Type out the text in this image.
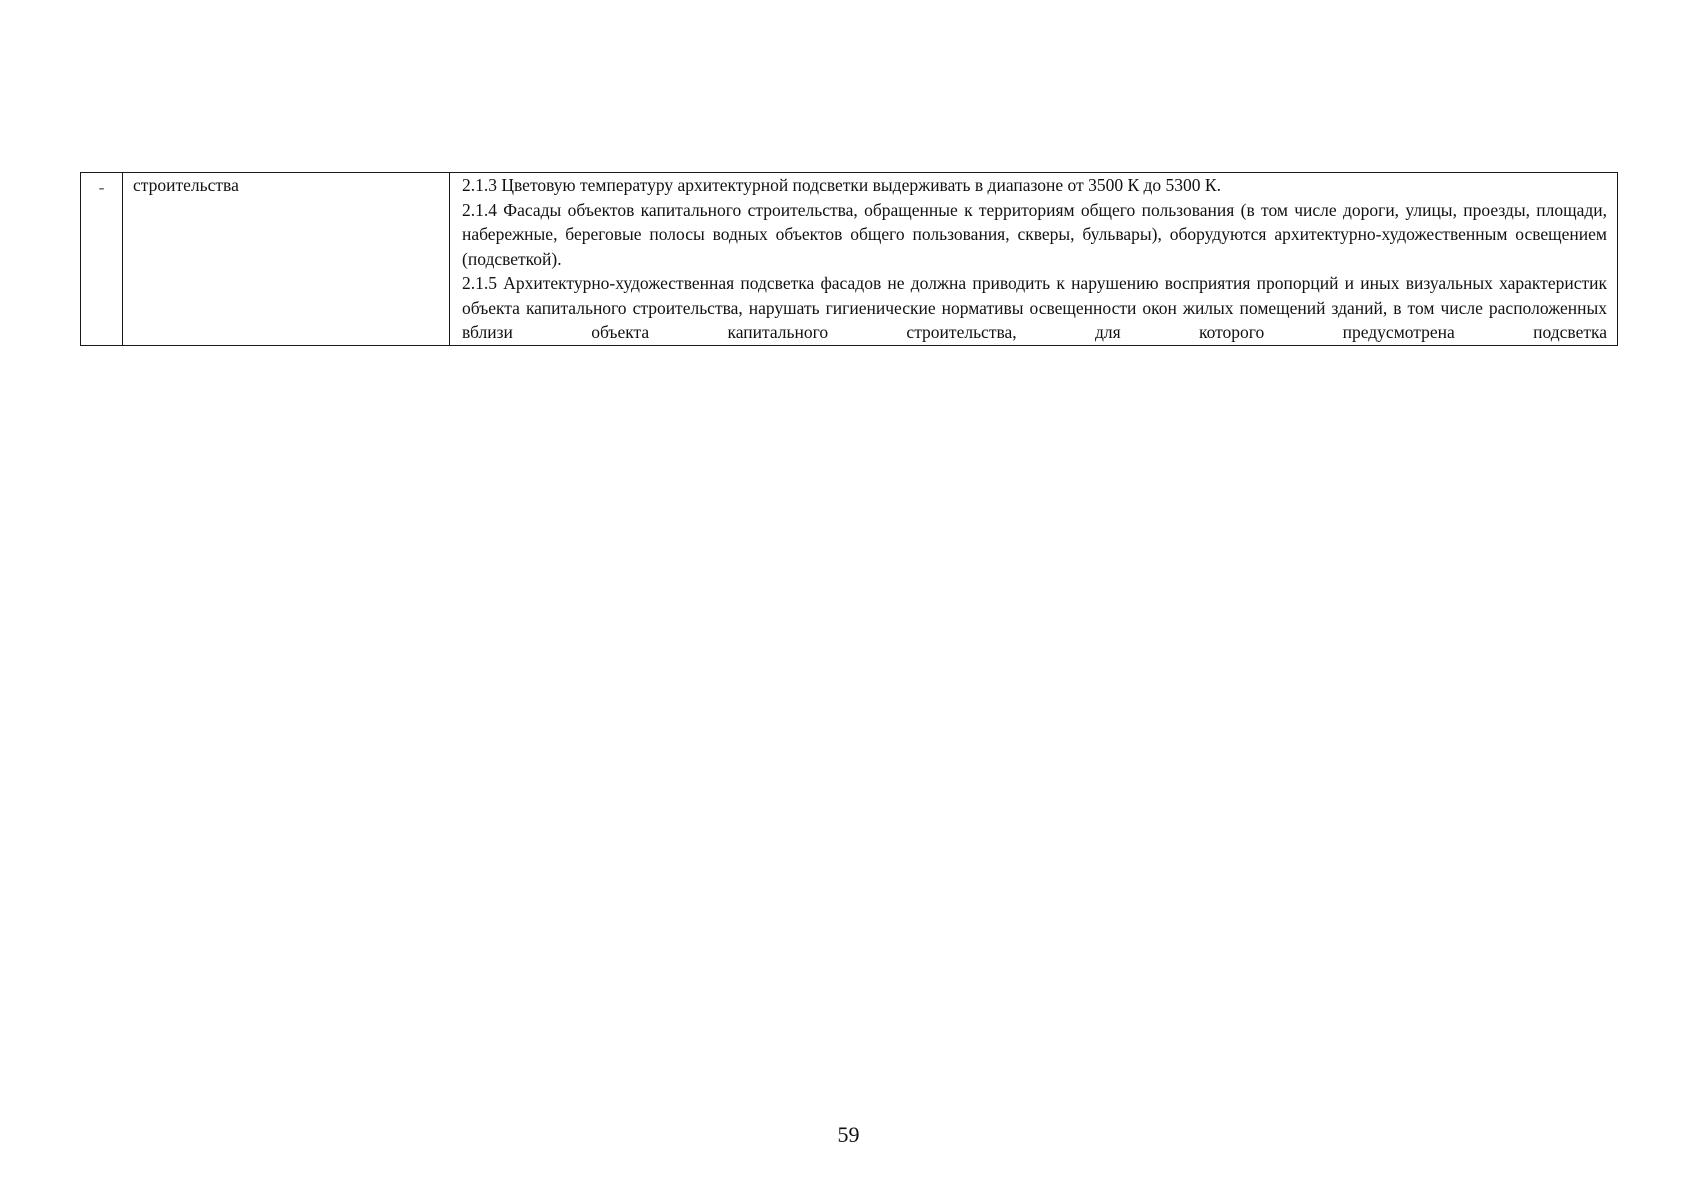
-	строительства	2.1.3 Цветовую температуру архитектурной подсветки выдерживать в диапазоне от 3500 К до 5300 К.

2.1.4 Фасады объектов капитального строительства, обращенные к территориям общего пользования (в том числе дороги, улицы, проезды, площади, набережные, береговые полосы водных объектов общего пользования, скверы, бульвары), оборудуются архитектурно-художественным освещением (подсветкой).

2.1.5 Архитектурно-художественная подсветка фасадов не должна приводить к нарушению восприятия пропорций и иных визуальных характеристик объекта капитального строительства, нарушать гигиенические нормативы освещенности окон жилых помещений зданий, в том числе расположенных вблизи объекта капитального строительства, для которого предусмотрена подсветка

59
